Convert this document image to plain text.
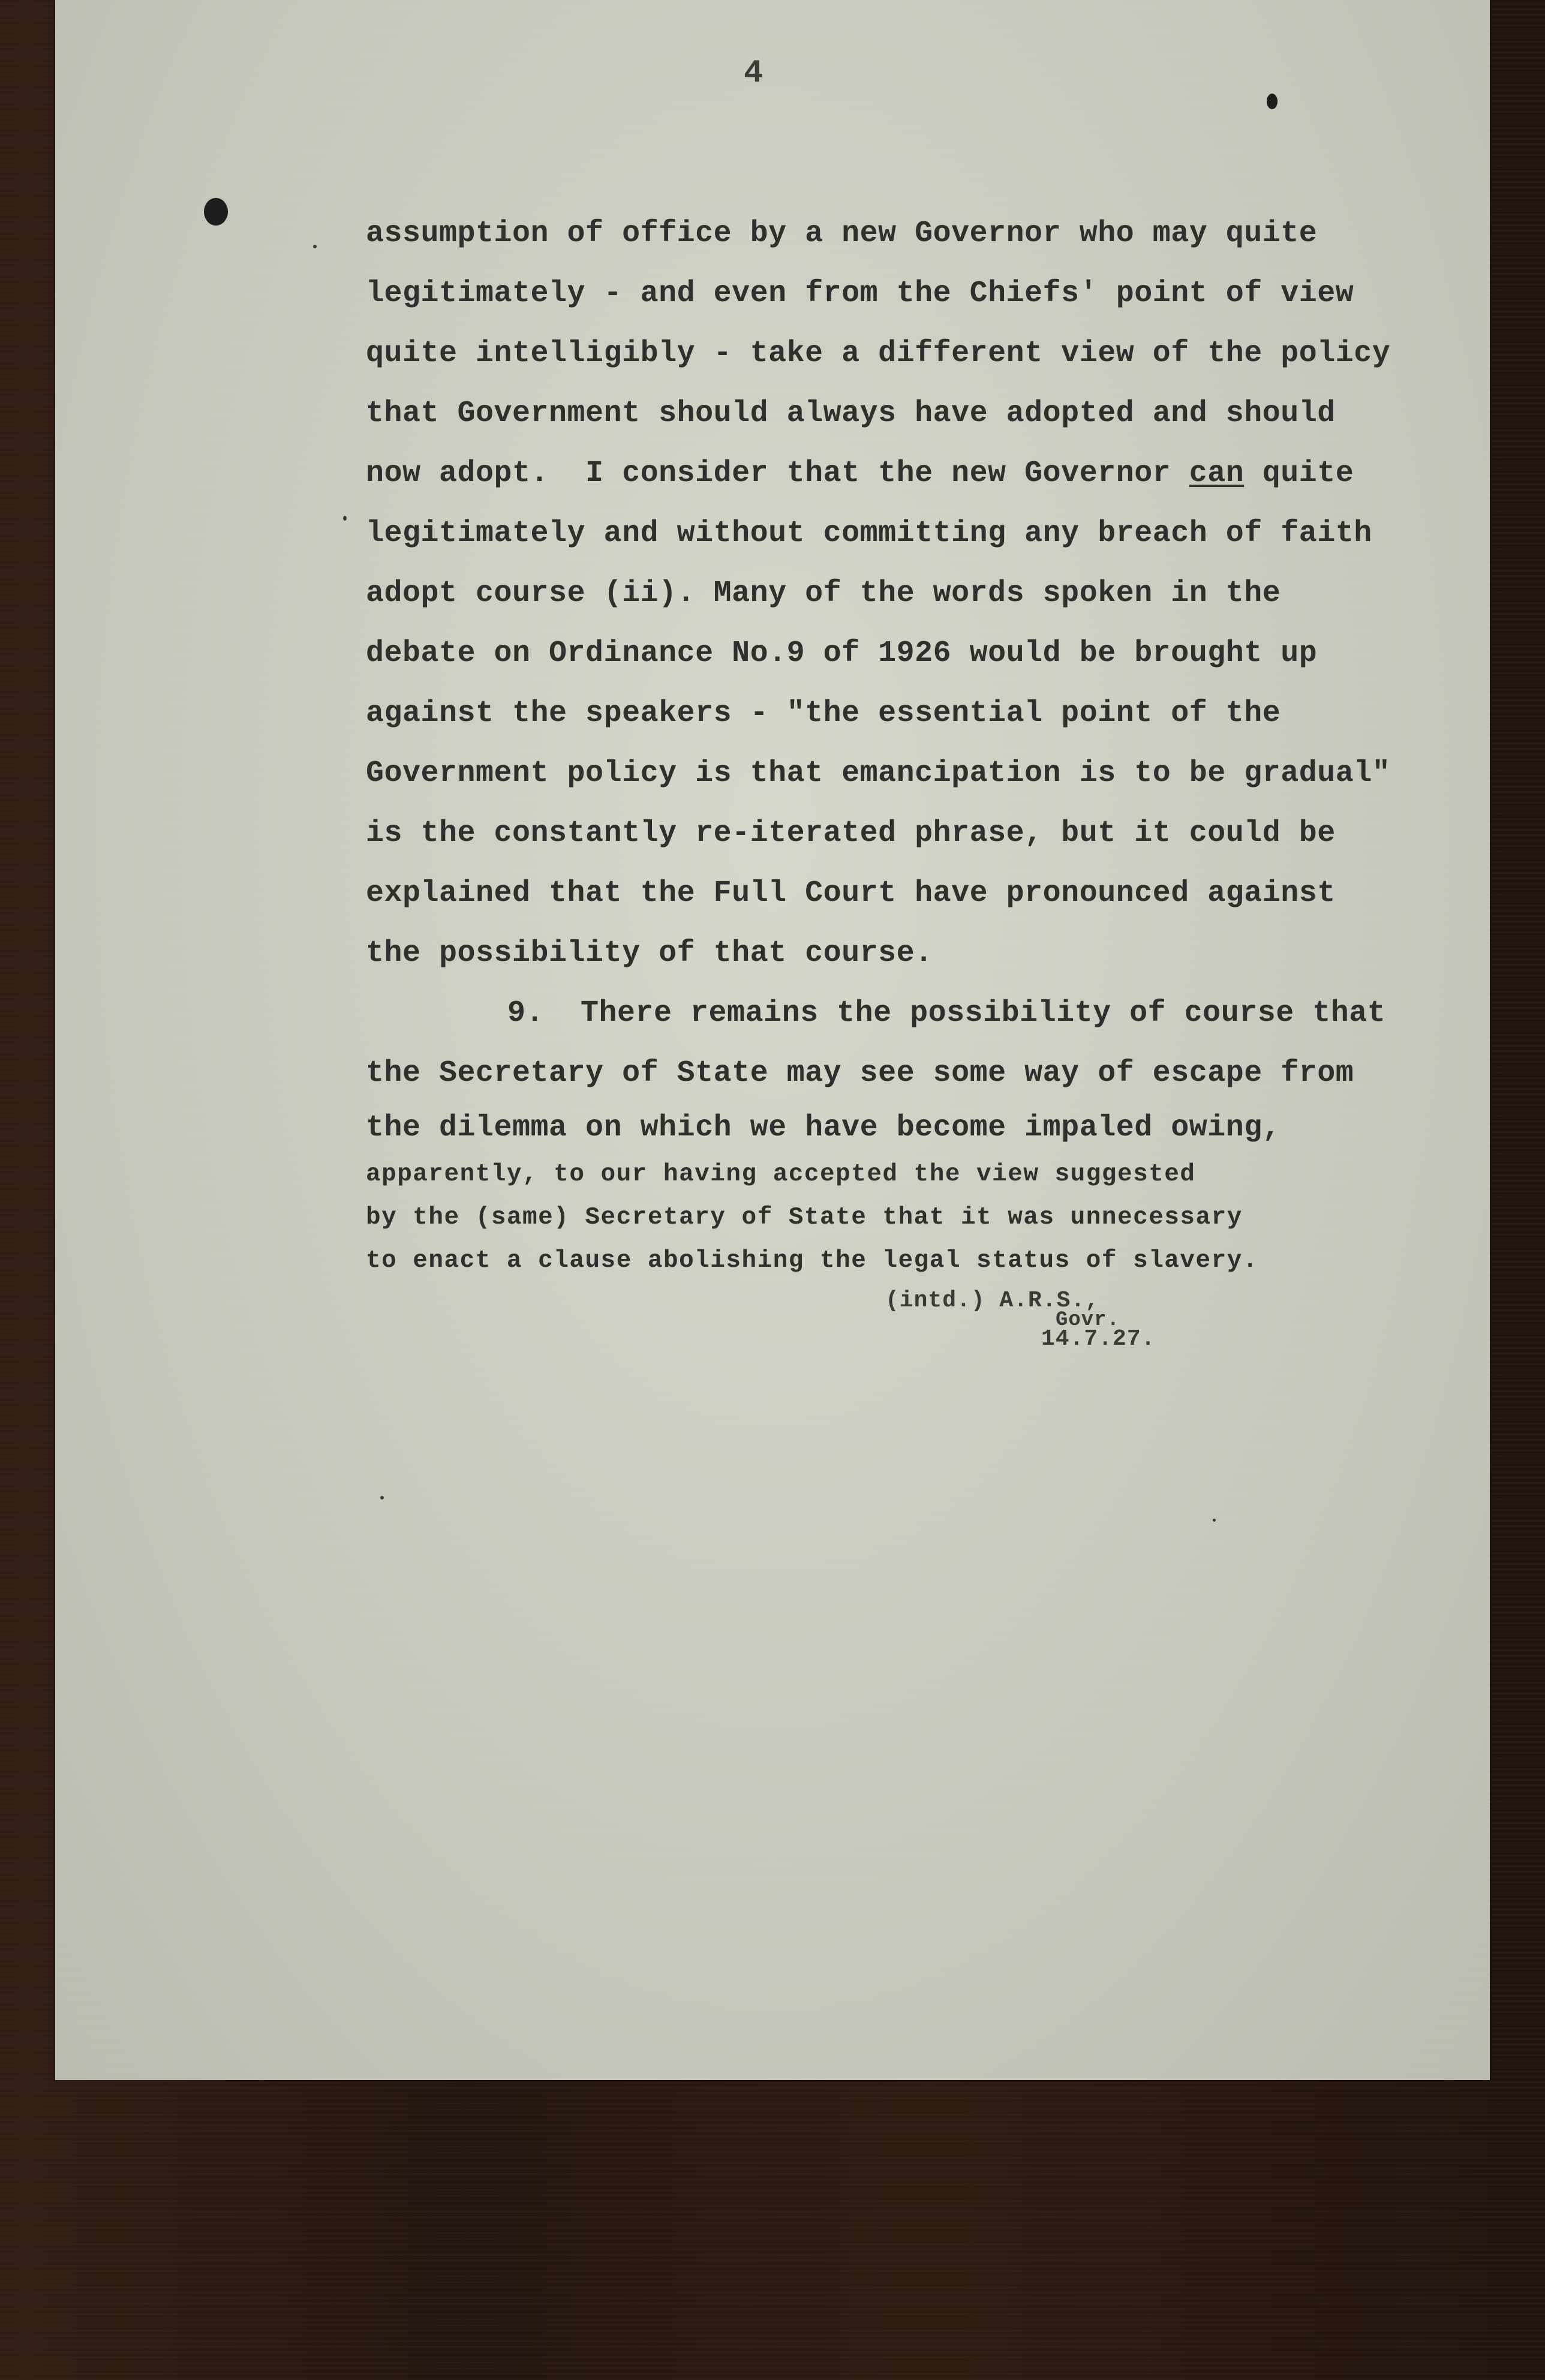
4
assumption of office by a new Governor who may quite
legitimately - and even from the Chiefs' point of view
quite intelligibly - take a different view of the policy
that Government should always have adopted and should
now adopt.  I consider that the new Governor can quite
legitimately and without committing any breach of faith
adopt course (ii). Many of the words spoken in the
debate on Ordinance No.9 of 1926 would be brought up
against the speakers - "the essential point of the
Government policy is that emancipation is to be gradual"
is the constantly re-iterated phrase, but it could be
explained that the Full Court have pronounced against
the possibility of that course.
9.  There remains the possibility of course that
the Secretary of State may see some way of escape from
the dilemma on which we have become impaled owing,
apparently, to our having accepted the view suggested
by the (same) Secretary of State that it was unnecessary
to enact a clause abolishing the legal status of slavery.
(intd.) A.R.S.,
Govr.
14.7.27.
